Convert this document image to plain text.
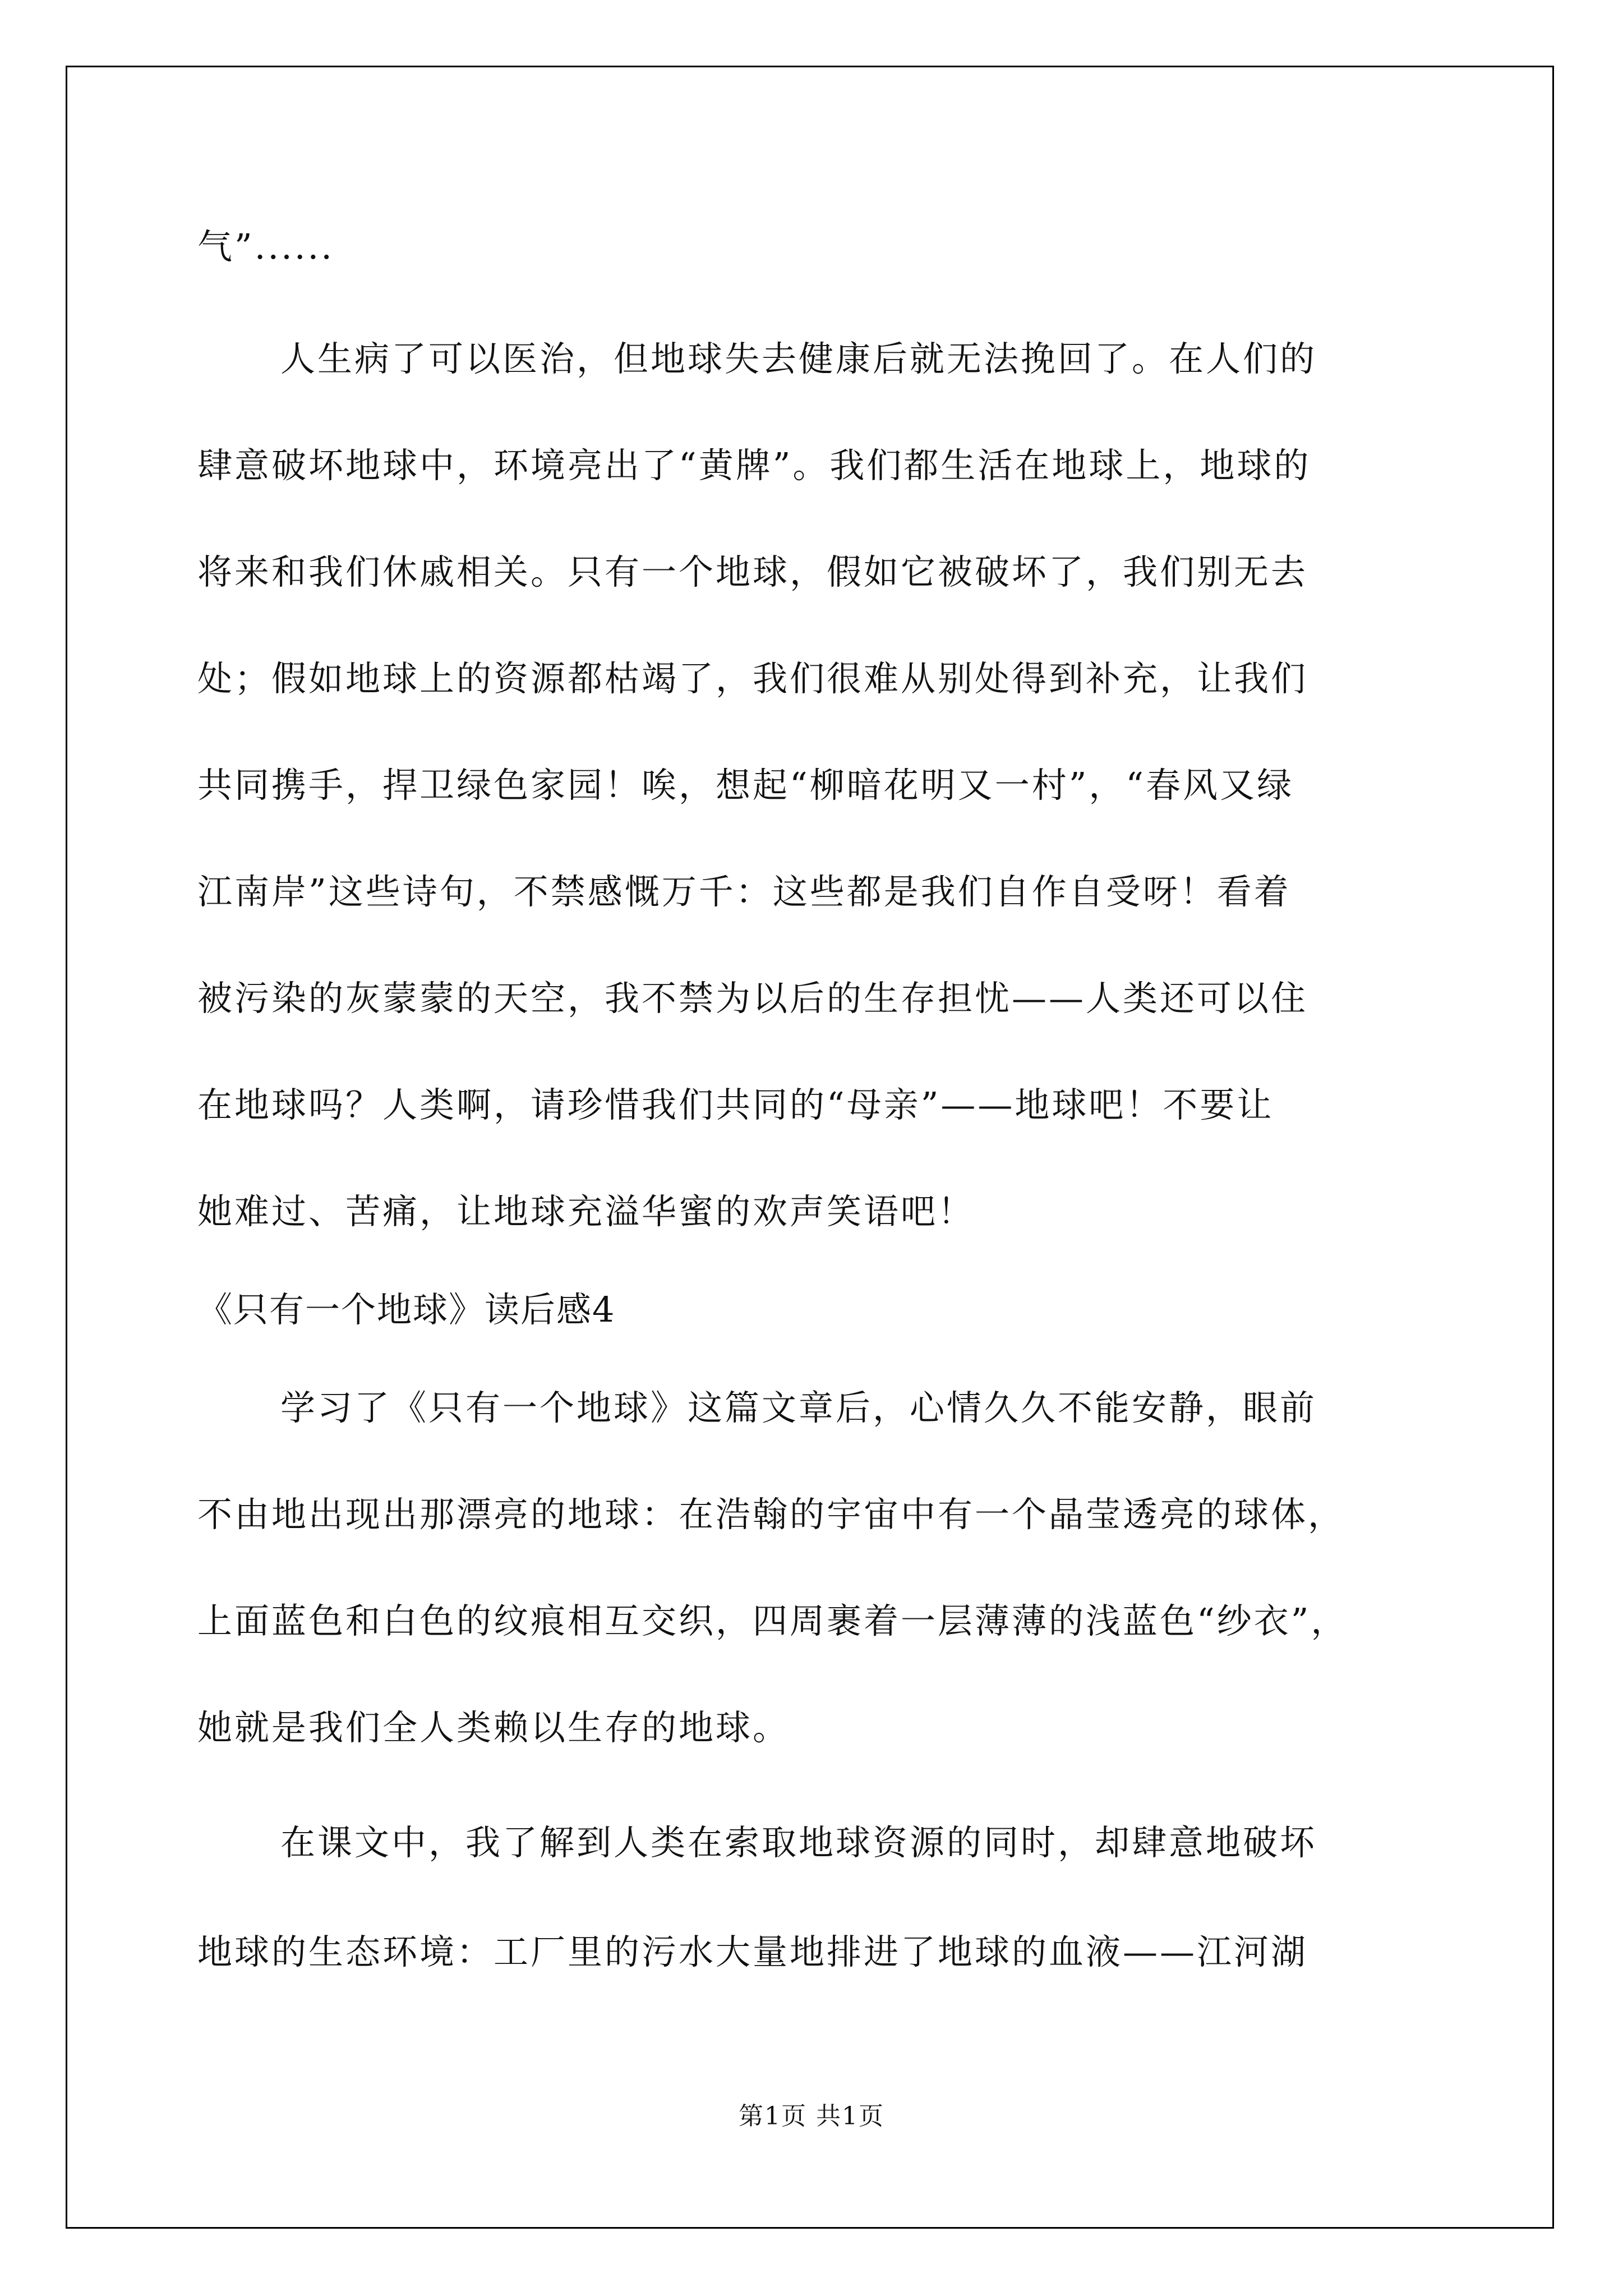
气”......
人生病了可以医治，但地球失去健康后就无法挽回了。在人们的
肆意破坏地球中，环境亮出了“黄牌”。我们都生活在地球上，地球的
将来和我们休戚相关。只有一个地球，假如它被破坏了，我们别无去
处；假如地球上的资源都枯竭了，我们很难从别处得到补充，让我们
共同携手，捍卫绿色家园！唉，想起“柳暗花明又一村”，“春风又绿
江南岸”这些诗句，不禁感慨万千：这些都是我们自作自受呀！看着
被污染的灰蒙蒙的天空，我不禁为以后的生存担忧——人类还可以住
在地球吗？人类啊，请珍惜我们共同的“母亲”——地球吧！不要让
她难过、苦痛，让地球充溢华蜜的欢声笑语吧！
《只有一个地球》读后感4
学习了《只有一个地球》这篇文章后，心情久久不能安静，眼前
不由地出现出那漂亮的地球：在浩翰的宇宙中有一个晶莹透亮的球体，
上面蓝色和白色的纹痕相互交织，四周裹着一层薄薄的浅蓝色“纱衣”，
她就是我们全人类赖以生存的地球。
在课文中，我了解到人类在索取地球资源的同时，却肆意地破坏
地球的生态环境：工厂里的污水大量地排进了地球的血液——江河湖
第1页 共1页
